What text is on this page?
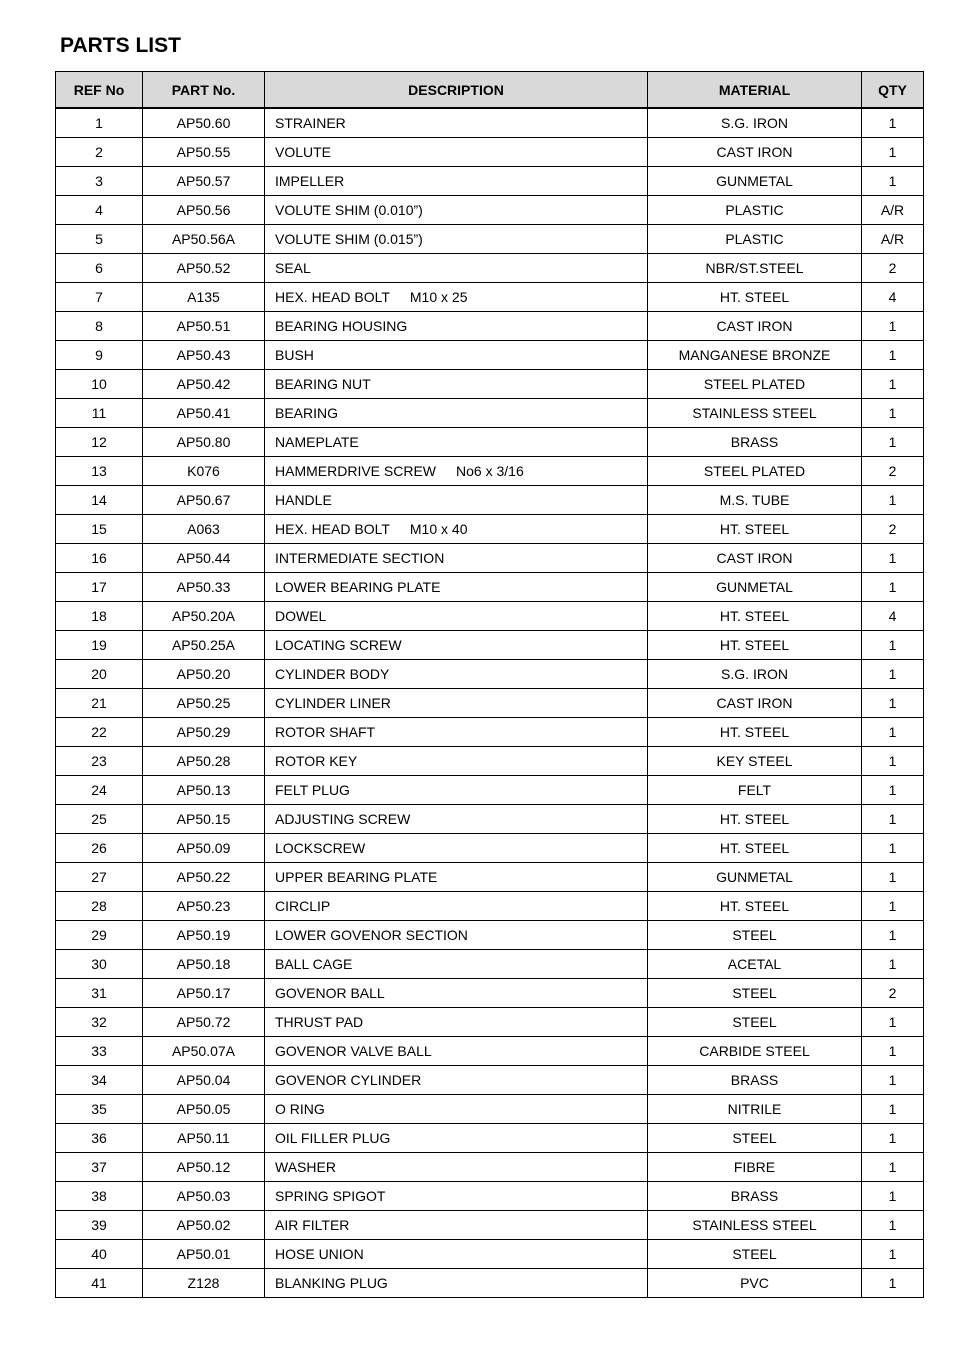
PARTS LIST
REF No	PART No.	DESCRIPTION	MATERIAL	QTY
1	AP50.60	STRAINER	S.G. IRON	1
2	AP50.55	VOLUTE	CAST IRON	1
3	AP50.57	IMPELLER	GUNMETAL	1
4	AP50.56	VOLUTE SHIM (0.010”)	PLASTIC	A/R
5	AP50.56A	VOLUTE SHIM (0.015”)	PLASTIC	A/R
6	AP50.52	SEAL	NBR/ST.STEEL	2
7	A135	HEX. HEAD BOLT M10 x 25	HT. STEEL	4
8	AP50.51	BEARING HOUSING	CAST IRON	1
9	AP50.43	BUSH	MANGANESE BRONZE	1
10	AP50.42	BEARING NUT	STEEL PLATED	1
11	AP50.41	BEARING	STAINLESS STEEL	1
12	AP50.80	NAMEPLATE	BRASS	1
13	K076	HAMMERDRIVE SCREW No6 x 3/16	STEEL PLATED	2
14	AP50.67	HANDLE	M.S. TUBE	1
15	A063	HEX. HEAD BOLT M10 x 40	HT. STEEL	2
16	AP50.44	INTERMEDIATE SECTION	CAST IRON	1
17	AP50.33	LOWER BEARING PLATE	GUNMETAL	1
18	AP50.20A	DOWEL	HT. STEEL	4
19	AP50.25A	LOCATING SCREW	HT. STEEL	1
20	AP50.20	CYLINDER BODY	S.G. IRON	1
21	AP50.25	CYLINDER LINER	CAST IRON	1
22	AP50.29	ROTOR SHAFT	HT. STEEL	1
23	AP50.28	ROTOR KEY	KEY STEEL	1
24	AP50.13	FELT PLUG	FELT	1
25	AP50.15	ADJUSTING SCREW	HT. STEEL	1
26	AP50.09	LOCKSCREW	HT. STEEL	1
27	AP50.22	UPPER BEARING PLATE	GUNMETAL	1
28	AP50.23	CIRCLIP	HT. STEEL	1
29	AP50.19	LOWER GOVENOR SECTION	STEEL	1
30	AP50.18	BALL CAGE	ACETAL	1
31	AP50.17	GOVENOR BALL	STEEL	2
32	AP50.72	THRUST PAD	STEEL	1
33	AP50.07A	GOVENOR VALVE BALL	CARBIDE STEEL	1
34	AP50.04	GOVENOR CYLINDER	BRASS	1
35	AP50.05	O RING	NITRILE	1
36	AP50.11	OIL FILLER PLUG	STEEL	1
37	AP50.12	WASHER	FIBRE	1
38	AP50.03	SPRING SPIGOT	BRASS	1
39	AP50.02	AIR FILTER	STAINLESS STEEL	1
40	AP50.01	HOSE UNION	STEEL	1
41	Z128	BLANKING PLUG	PVC	1
